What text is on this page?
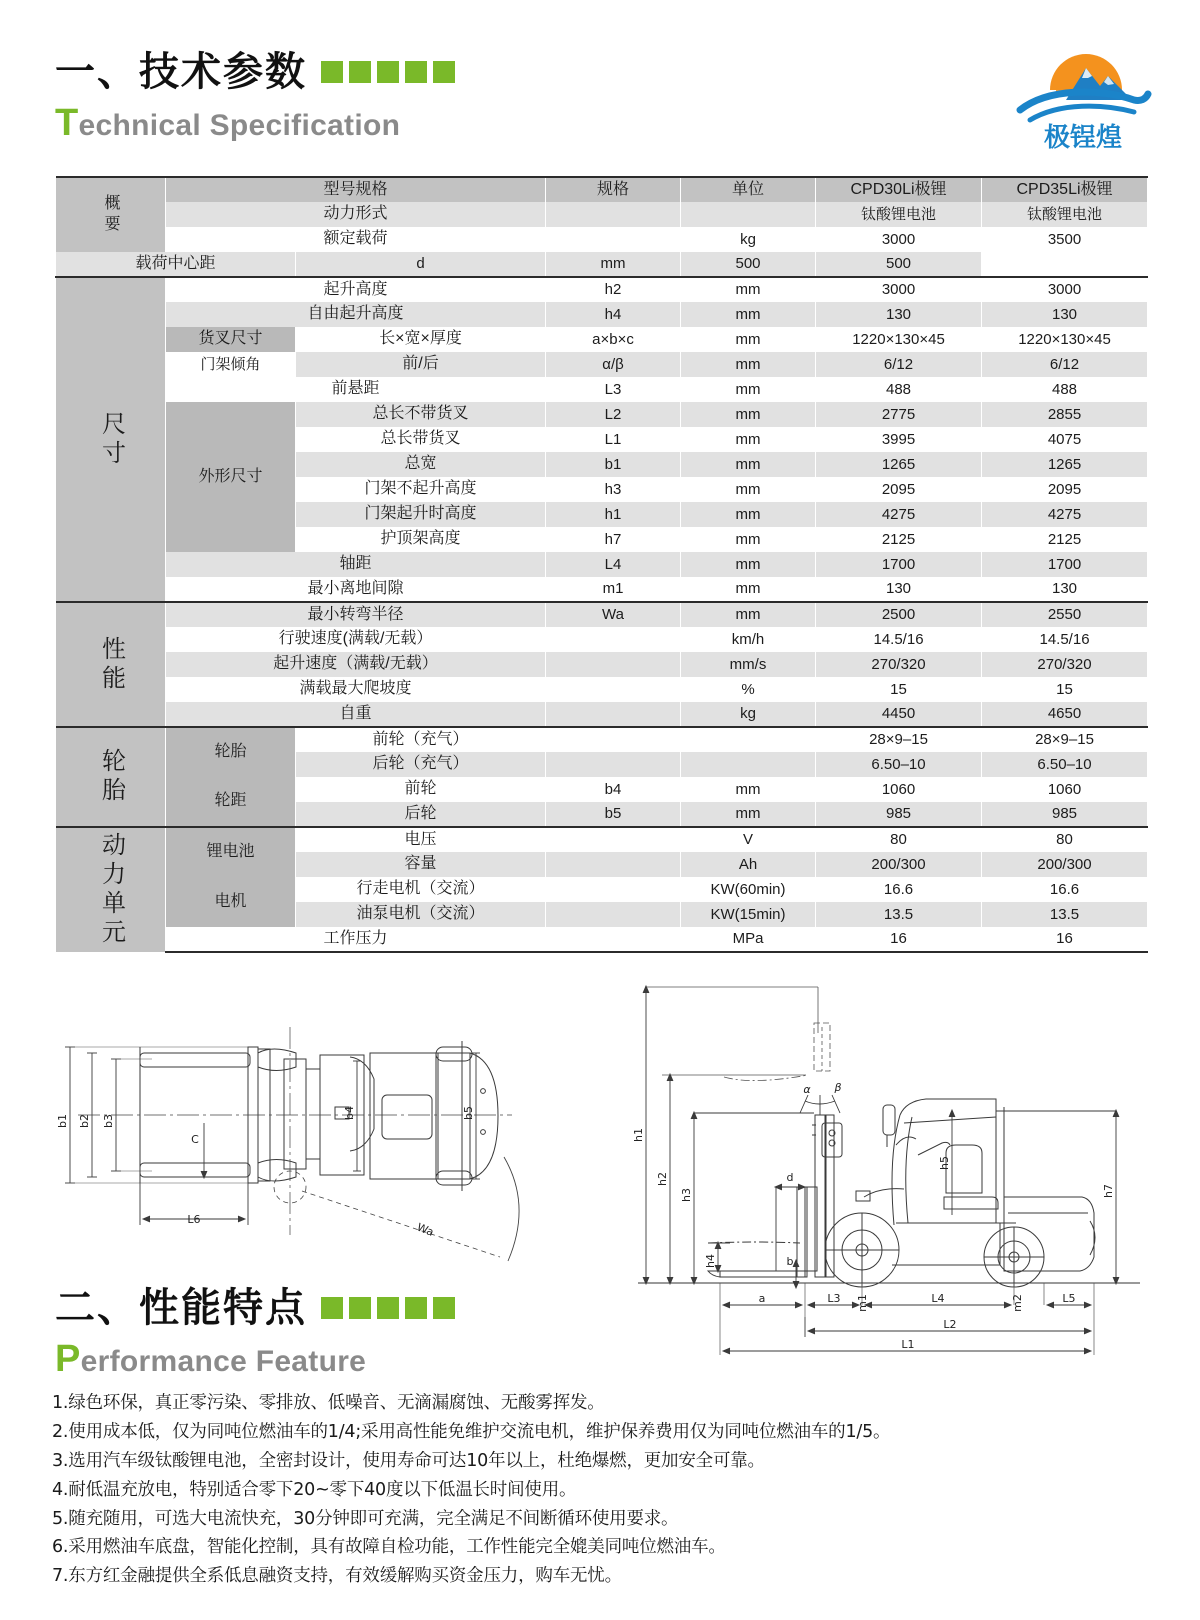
一、技术参数
Technical Specification	极锃煌
概要	型号规格		规格	单位	CPD30Li极锂	CPD35Li极锂
	动力形式				钛酸锂电池	钛酸锂电池
	额定载荷			kg	3000	3500
载荷中心距		d	mm	500	500	

尺寸	起升高度		h2	mm	3000	3000
	自由起升高度		h4	mm	130	130
	货叉尺寸	长×宽×厚度	a×b×c	mm	1220×130×45	1220×130×45
	门架倾角	前/后	α/β	mm	6/12	6/12
	前悬距		L3	mm	488	488
	外形尺寸	总长不带货叉	L2	mm	2775	2855
		总长带货叉	L1	mm	3995	4075
		总宽	b1	mm	1265	1265
		门架不起升高度	h3	mm	2095	2095
		门架起升时高度	h1	mm	4275	4275
		护顶架高度	h7	mm	2125	2125
	轴距		L4	mm	1700	1700
	最小离地间隙		m1	mm	130	130

性能	最小转弯半径		Wa	mm	2500	2550
	行驶速度(满载/无载）			km/h	14.5/16	14.5/16
	起升速度（满载/无载）			mm/s	270/320	270/320
	满载最大爬坡度			%	15	15
	自重			kg	4450	4650

轮胎	轮胎	前轮（充气）			28×9–15	28×9–15
		后轮（充气）			6.50–10	6.50–10
	轮距	前轮	b4	mm	1060	1060
		后轮	b5	mm	985	985

动力单元	锂电池	电压		V	80	80
		容量		Ah	200/300	200/300
	电机	行走电机（交流）		KW(60min)	16.6	16.6
		油泵电机（交流）		KW(15min)	13.5	13.5
	工作压力			MPa	16	16
b1 b2 b3
b4	b5
C
L6
Wa
h1
h2
h3
α β
h5
h7
d
h4	b
a	L3	L4	L5
m1	m2
L2
L1
二、性能特点
Performance Feature

1.绿色环保，真正零污染、零排放、低噪音、无滴漏腐蚀、无酸雾挥发。

2.使用成本低，仅为同吨位燃油车的1/4;采用高性能免维护交流电机，维护保养费用仅为同吨位燃油车的1/5。

3.选用汽车级钛酸锂电池，全密封设计，使用寿命可达10年以上，杜绝爆燃，更加安全可靠。

4.耐低温充放电，特别适合零下20~零下40度以下低温长时间使用。

5.随充随用，可选大电流快充，30分钟即可充满，完全满足不间断循环使用要求。

6.采用燃油车底盘，智能化控制，具有故障自检功能，工作性能完全媲美同吨位燃油车。

7.东方红金融提供全系低息融资支持，有效缓解购买资金压力，购车无忧。
